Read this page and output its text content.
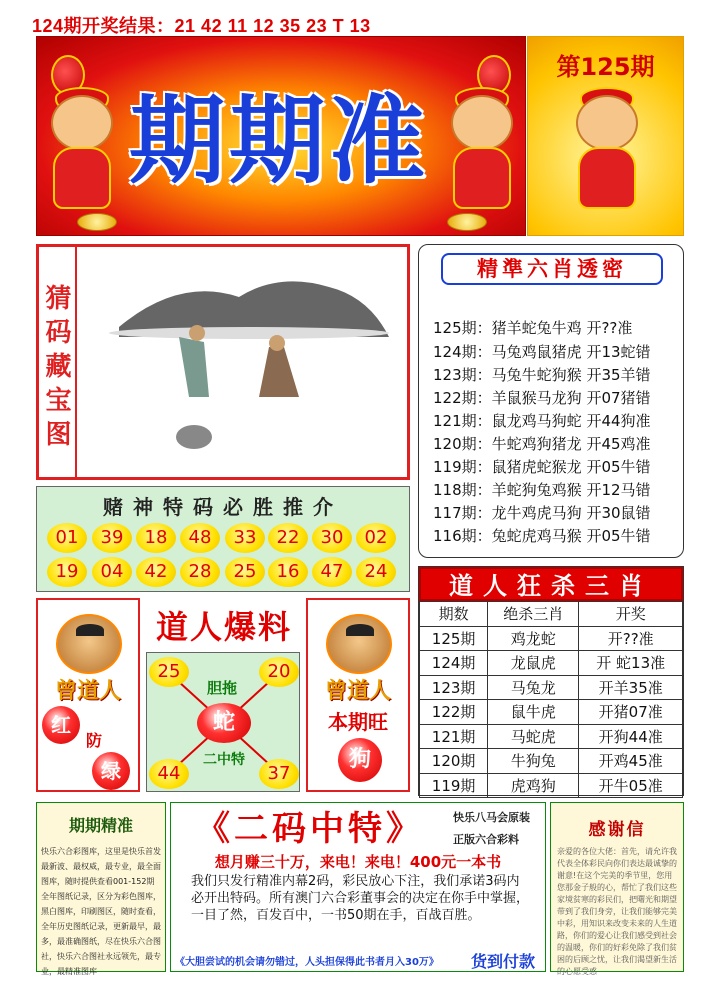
124期开奖结果：21 42 11 12 35 23 T 13
期期准
第125期
猜码藏宝图
精準六肖透密
125期：猪羊蛇兔牛鸡 开??准
124期：马兔鸡鼠猪虎 开13蛇错
123期：马兔牛蛇狗猴 开35羊错
122期：羊鼠猴马龙狗 开07猪错
121期：鼠龙鸡马狗蛇 开44狗准
120期：牛蛇鸡狗猪龙 开45鸡准
119期：鼠猪虎蛇猴龙 开05牛错
118期：羊蛇狗兔鸡猴 开12马错
117期：龙牛鸡虎马狗 开30鼠错
116期：兔蛇虎鸡马猴 开05牛错
赌神特码必胜推介
01	39	18	48	33	22	30	02
19	04	42	28	25	16	47	24
道人狂杀三肖
期数	绝杀三肖	开奖
125期	鸡龙蛇	开??准
124期	龙鼠虎	开 蛇13准
123期	马兔龙	开羊35准
122期	鼠牛虎	开猪07准
121期	马蛇虎	开狗44准
120期	牛狗兔	开鸡45准
119期	虎鸡狗	开牛05准
曾道人
红
防
绿
道人爆料
25	20
44	37
胆拖
蛇
二中特
曾道人
本期旺
狗
期期精准
快乐六合彩图库，这里是快乐首发最新波、最权威，最专业，最全面图库，随时提供查看001-152期全年图纸记录，区分为彩色图库，黑白图库，印刷图区，随时查看，全年历史图纸记录，更新最早，最多，最准确图纸，尽在快乐六合图社，快乐六合图社永远领先，最专业，最精准图库
《二码中特》	快乐八马会原装
正版六合彩料
想月赚三十万，来电！来电！400元一本书
我们只发行精准内幕2码，彩民放心下注，我们承诺3码内必开出特码。所有澳门六合彩董事会的决定在你手中掌握，一目了然，百发百中，一书50期在手，百战百胜。
《大胆尝试的机会请勿错过，人头担保得此书者月入30万》 货到付款
感谢信
亲爱的各位大佬：首先，请允许我代表全体彩民向你们表达最诚挚的谢意!在这个完美的季节里，您用您那金子般的心，帮忙了我们这些家境贫寒的彩民们，把曙光和期望带到了我们身旁，让我们能够完美中彩，用知识来改变未来的人生道路，你们的爱心让我们感受到社会的温暖，你们的好彩免除了我们贫困的后顾之忧，让我们渴望新生活的心愿受惑
